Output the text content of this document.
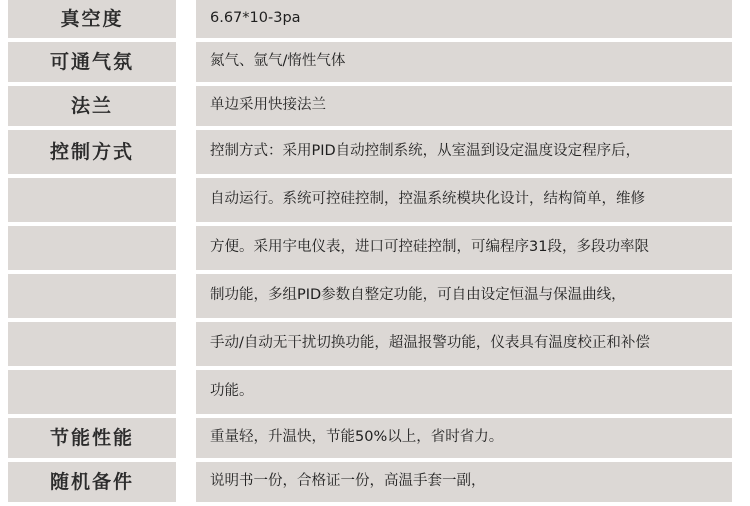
真空度	6.67*10-3pa
可通气氛	氮气、氩气/惰性气体
法兰	单边采用快接法兰
控制方式	控制方式：采用PID自动控制系统，从室温到设定温度设定程序后，
自动运行。系统可控硅控制，控温系统模块化设计，结构简单，维修
方便。采用宇电仪表，进口可控硅控制，可编程序31段，多段功率限
制功能，多组PID参数自整定功能，可自由设定恒温与保温曲线，
手动/自动无干扰切换功能，超温报警功能，仪表具有温度校正和补偿
功能。
节能性能	重量轻，升温快，节能50%以上，省时省力。
随机备件	说明书一份，合格证一份，高温手套一副，
